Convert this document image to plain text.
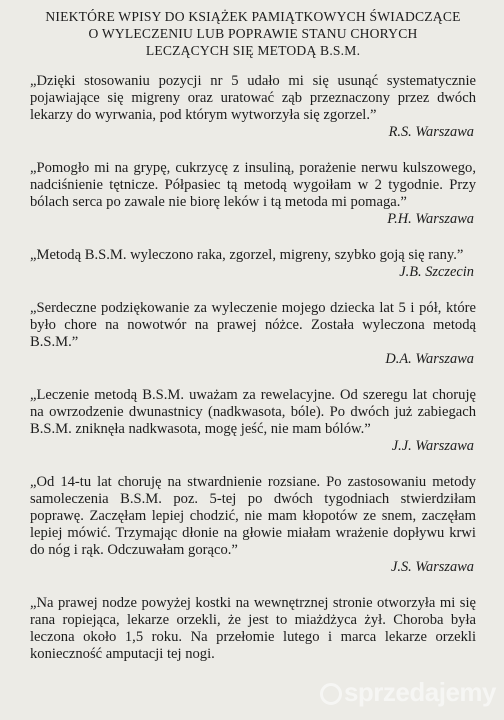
NIEKTÓRE WPISY DO KSIĄŻEK PAMIĄTKOWYCH ŚWIADCZĄCE
O WYLECZENIU LUB POPRAWIE STANU CHORYCH
LECZĄCYCH SIĘ METODĄ B.S.M.

„Dzięki stosowaniu pozycji nr 5 udało mi się usunąć systematycznie pojawiające się migreny oraz uratować ząb przeznaczony przez dwóch lekarzy do wyrwania, pod którym wytworzyła się zgorzel.”

R.S. Warszawa

„Pomogło mi na grypę, cukrzycę z insuliną, porażenie nerwu kulszowego, nadciśnienie tętnicze. Półpasiec tą metodą wygoiłam w 2 tygodnie. Przy bólach serca po zawale nie biorę leków i tą metoda mi pomaga.”

P.H. Warszawa

„Metodą B.S.M. wyleczono raka, zgorzel, migreny, szybko goją się rany.”

J.B. Szczecin

„Serdeczne podziękowanie za wyleczenie mojego dziecka lat 5 i pół, które było chore na nowotwór na prawej nóżce. Została wyleczona metodą B.S.M.”

D.A. Warszawa

„Leczenie metodą B.S.M. uważam za rewelacyjne. Od szeregu lat choruję na owrzodzenie dwunastnicy (nadkwasota, bóle). Po dwóch już zabiegach B.S.M. zniknęła nadkwasota, mogę jeść, nie mam bólów.”

J.J. Warszawa

„Od 14-tu lat choruję na stwardnienie rozsiane. Po zastosowaniu metody samoleczenia B.S.M. poz. 5-tej po dwóch tygodniach stwierdziłam poprawę. Zaczęłam lepiej chodzić, nie mam kłopotów ze snem, zaczęłam lepiej mówić. Trzymając dłonie na głowie miałam wrażenie dopływu krwi do nóg i rąk. Odczuwałam gorąco.”

J.S. Warszawa

„Na prawej nodze powyżej kostki na wewnętrznej stronie otworzyła mi się rana ropiejąca, lekarze orzekli, że jest to miażdżyca żył. Choroba była leczona około 1,5 roku. Na przełomie lutego i marca lekarze orzekli konieczność amputacji tej nogi.

sprzedajemy
